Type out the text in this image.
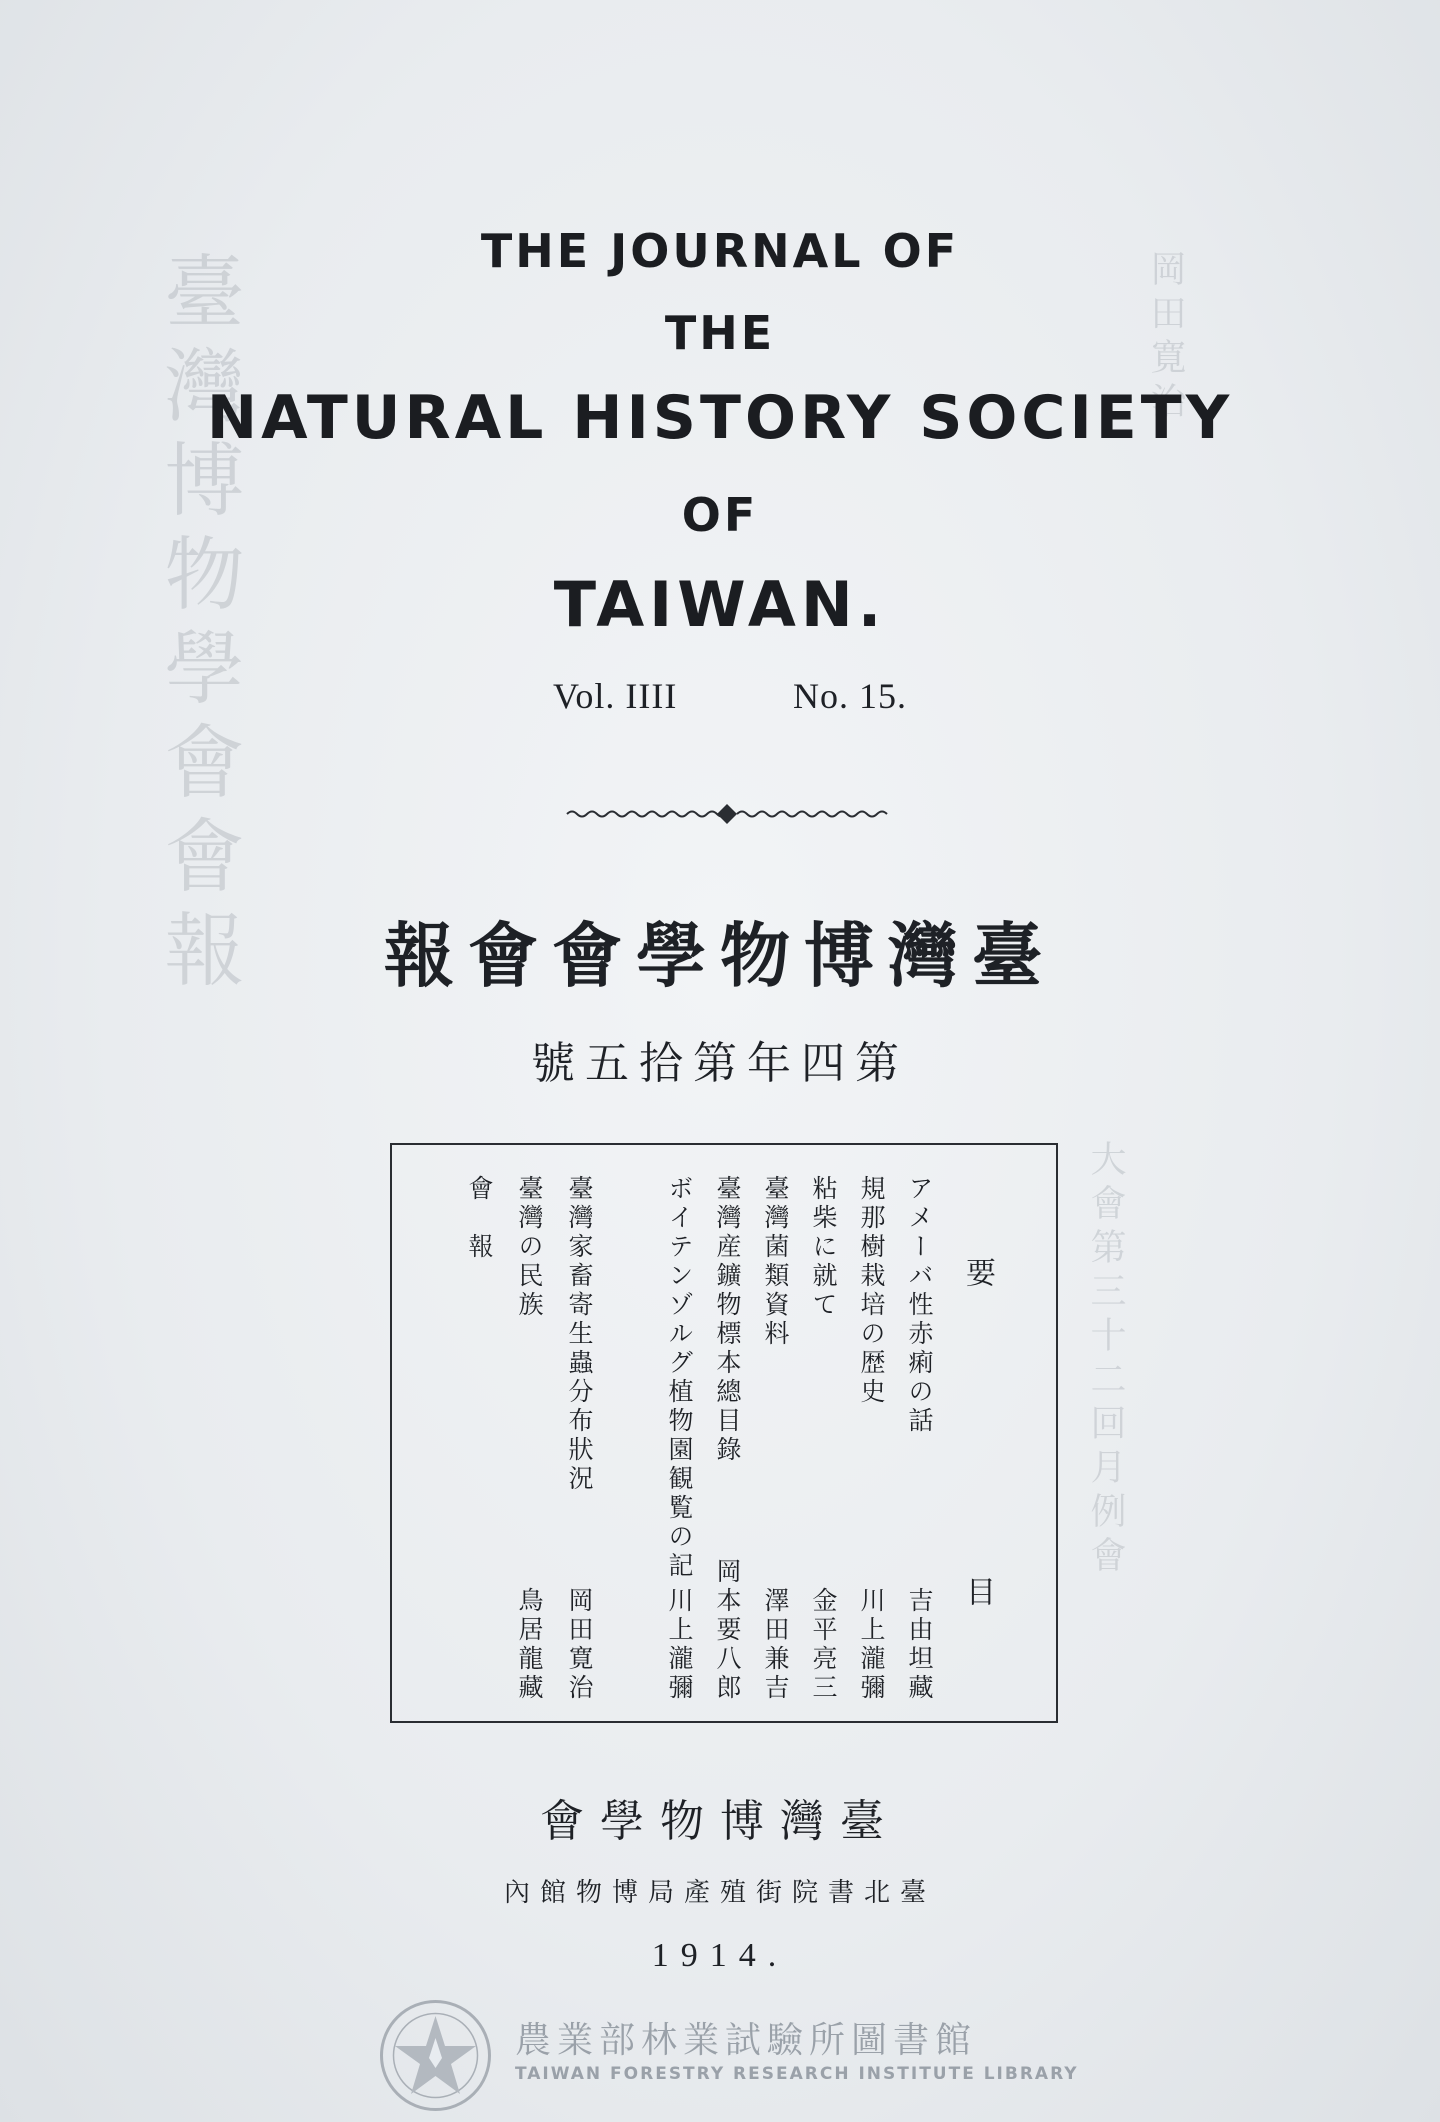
臺灣博物學會會報	岡田寛治
大會第三十二回月例會
THE JOURNAL OF
THE
NATURAL HISTORY SOCIETY
OF
TAIWAN.
Vol. IIII	No. 15.
報會會學物博灣臺
號五拾第年四第
要
目
アメーバ性赤痢の話
吉由坦藏
規那樹栽培の歴史
川上瀧彌
粘柴に就て
金平亮三
臺灣菌類資料
澤田兼吉
臺灣産鑛物標本總目錄
岡本要八郎
ボイテンゾルグ植物園観覧の記
川上瀧彌
臺灣家畜寄生蟲分布狀況
岡田寛治
臺灣の民族
鳥居龍藏
會　報
會學物博灣臺
內館物博局產殖街院書北臺
1914.
農業部林業試驗所圖書館
TAIWAN FORESTRY RESEARCH INSTITUTE LIBRARY
